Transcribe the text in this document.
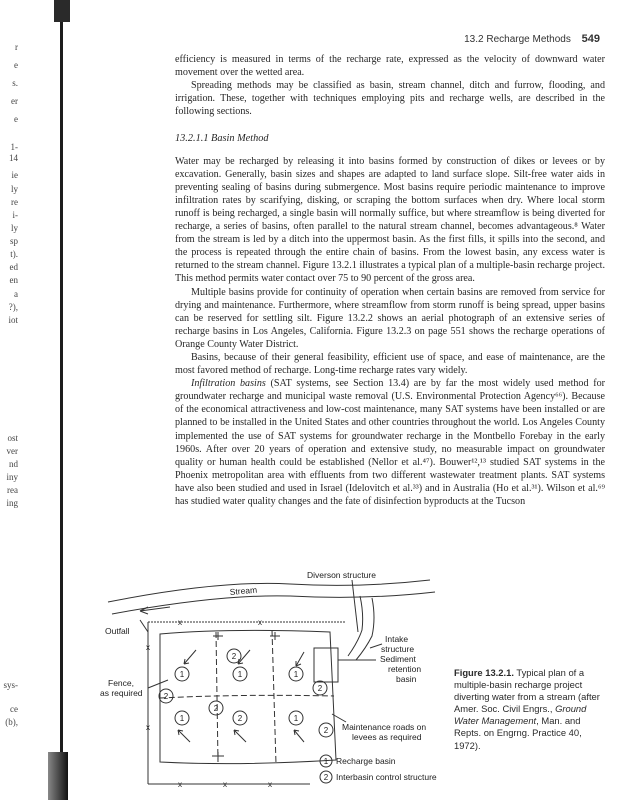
r
e
s.
er
e
1-
14
ie
ly
re
i-
ly
sp
t).
ed
en
a
?),
iot
ost
ver
nd
iny
rea
ing
sys-
ce
(b),
13.2 Recharge Methods 549

efficiency is measured in terms of the recharge rate, expressed as the velocity of downward water movement over the wetted area.

Spreading methods may be classified as basin, stream channel, ditch and furrow, flooding, and irrigation. These, together with techniques employing pits and recharge wells, are described in the following sections.

13.2.1.1 Basin Method

Water may be recharged by releasing it into basins formed by construction of dikes or levees or by excavation. Generally, basin sizes and shapes are adapted to land surface slope. Silt-free water aids in preventing sealing of basins during submergence. Most basins require periodic maintenance to improve infiltration rates by scarifying, disking, or scraping the bottom surfaces when dry. Where local storm runoff is being recharged, a single basin will normally suffice, but where streamflow is being diverted for recharge, a series of basins, often parallel to the natural stream channel, becomes advantageous.⁸ Water from the stream is led by a ditch into the uppermost basin. As the first fills, it spills into the second, and the process is repeated through the entire chain of basins. From the lowest basin, any excess water is returned to the stream channel. Figure 13.2.1 illustrates a typical plan of a multiple-basin recharge project. This method permits water contact over 75 to 90 percent of the gross area.

Multiple basins provide for continuity of operation when certain basins are removed from service for drying and maintenance. Furthermore, where streamflow from storm runoff is being spread, upper basins can be reserved for settling silt. Figure 13.2.2 shows an aerial photograph of an extensive series of recharge basins in Los Angeles, California. Figure 13.2.3 on page 551 shows the recharge operations of Orange County Water District.

Basins, because of their general feasibility, efficient use of space, and ease of maintenance, are the most favored method of recharge. Long-time recharge rates vary widely.

Infiltration basins (SAT systems, see Section 13.4) are by far the most widely used method for groundwater recharge and municipal waste removal (U.S. Environmental Protection Agency⁶⁶). Because of the economical attractiveness and low-cost maintenance, many SAT systems have been installed or are planned to be installed in the United States and other countries throughout the world. Los Angeles County implemented the use of SAT systems for groundwater recharge in the Montbello Forebay in the early 1960s. After over 20 years of operation and extensive study, no measurable impact on groundwater quality or human health could be established (Nellor et al.⁴⁷). Bouwer¹²,¹³ studied SAT systems in the Phoenix metropolitan area with effluents from two different wastewater treatment plants. SAT systems have also been studied and used in Israel (Idelovitch et al.³³) and in Australia (Ho et al.³¹). Wilson et al.⁶⁹ has studied water quality changes and the fate of disinfection byproducts at the Tucson

Diverson structure
Stream
Outfall
Intake
structure
Sediment
retention
basin
Fence,
as required
Maintenance roads on
levees as required
Recharge basin
Interbasin control structure
1	1	1
2
2
2
1	2	1
2
2
1
2
x	x
x
x
x	x	x
Figure 13.2.1. Typical plan of a multiple-basin recharge project diverting water from a stream (after Amer. Soc. Civil Engrs., Ground Water Management, Man. and Repts. on Engrng. Practice 40, 1972).
